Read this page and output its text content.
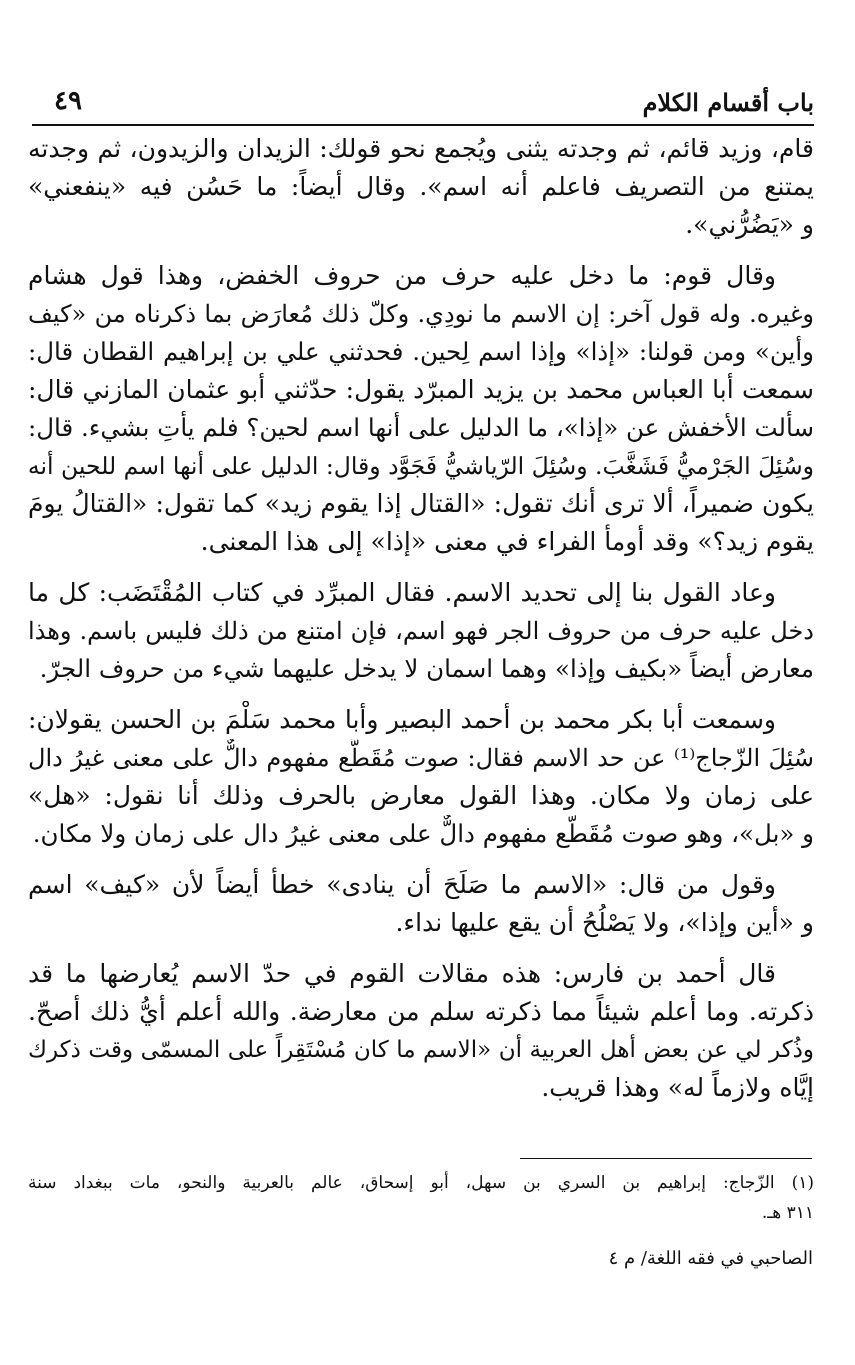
باب أقسام الكلام
٤٩
قام، وزيد قائم، ثم وجدته يثنى ويُجمع نحو قولك: الزيدان والزيدون، ثم وجدته
يمتنع من التصريف فاعلم أنه اسم». وقال أيضاً: ما حَسُن فيه «ينفعني»
و «يَضُرُّني».
وقال قوم: ما دخل عليه حرف من حروف الخفض، وهذا قول هشام
وغيره. وله قول آخر: إن الاسم ما نودِي. وكلّ ذلك مُعارَض بما ذكرناه من «كيف
وأين» ومن قولنا: «إذا» وإذا اسم لِحين. فحدثني علي بن إبراهيم القطان قال:
سمعت أبا العباس محمد بن يزيد المبرّد يقول: حدّثني أبو عثمان المازني قال:
سألت الأخفش عن «إذا»، ما الدليل على أنها اسم لحين؟ فلم يأتِ بشيء. قال:
وسُئِلَ الجَرْميُّ فَشَغَّبَ. وسُئِلَ الرّياشيُّ فَجَوَّد وقال: الدليل على أنها اسم للحين أنه
يكون ضميراً، ألا ترى أنك تقول: «القتال إذا يقوم زيد» كما تقول: «القتالُ يومَ
يقوم زيد؟» وقد أومأ الفراء في معنى «إذا» إلى هذا المعنى.
وعاد القول بنا إلى تحديد الاسم. فقال المبرِّد في كتاب المُقْتَضَب: كل ما
دخل عليه حرف من حروف الجر فهو اسم، فإن امتنع من ذلك فليس باسم. وهذا
معارض أيضاً «بكيف وإذا» وهما اسمان لا يدخل عليهما شيء من حروف الجرّ.
وسمعت أبا بكر محمد بن أحمد البصير وأبا محمد سَلْمَ بن الحسن يقولان:
سُئِلَ الزّجاج⁽¹⁾ عن حد الاسم فقال: صوت مُقَطَّع مفهوم دالٌّ على معنى غيرُ دال
على زمان ولا مكان. وهذا القول معارض بالحرف وذلك أنا نقول: «هل»
و «بل»، وهو صوت مُقَطَّع مفهوم دالٌّ على معنى غيرُ دال على زمان ولا مكان.
وقول من قال: «الاسم ما صَلَحَ أن ينادى» خطأ أيضاً لأن «كيف» اسم
و «أين وإذا»، ولا يَصْلُحُ أن يقع عليها نداء.
قال أحمد بن فارس: هذه مقالات القوم في حدّ الاسم يُعارضها ما قد
ذكرته. وما أعلم شيئاً مما ذكرته سلم من معارضة. والله أعلم أيُّ ذلك أصحّ.
وذُكر لي عن بعض أهل العربية أن «الاسم ما كان مُسْتَقِراً على المسمّى وقت ذكرك
إيَّاه ولازماً له» وهذا قريب.
(١) الزّجاج: إبراهيم بن السري بن سهل، أبو إسحاق، عالم بالعربية والنحو، مات ببغداد سنة
٣١١ هـ.
الصاحبي في فقه اللغة/ م ٤
